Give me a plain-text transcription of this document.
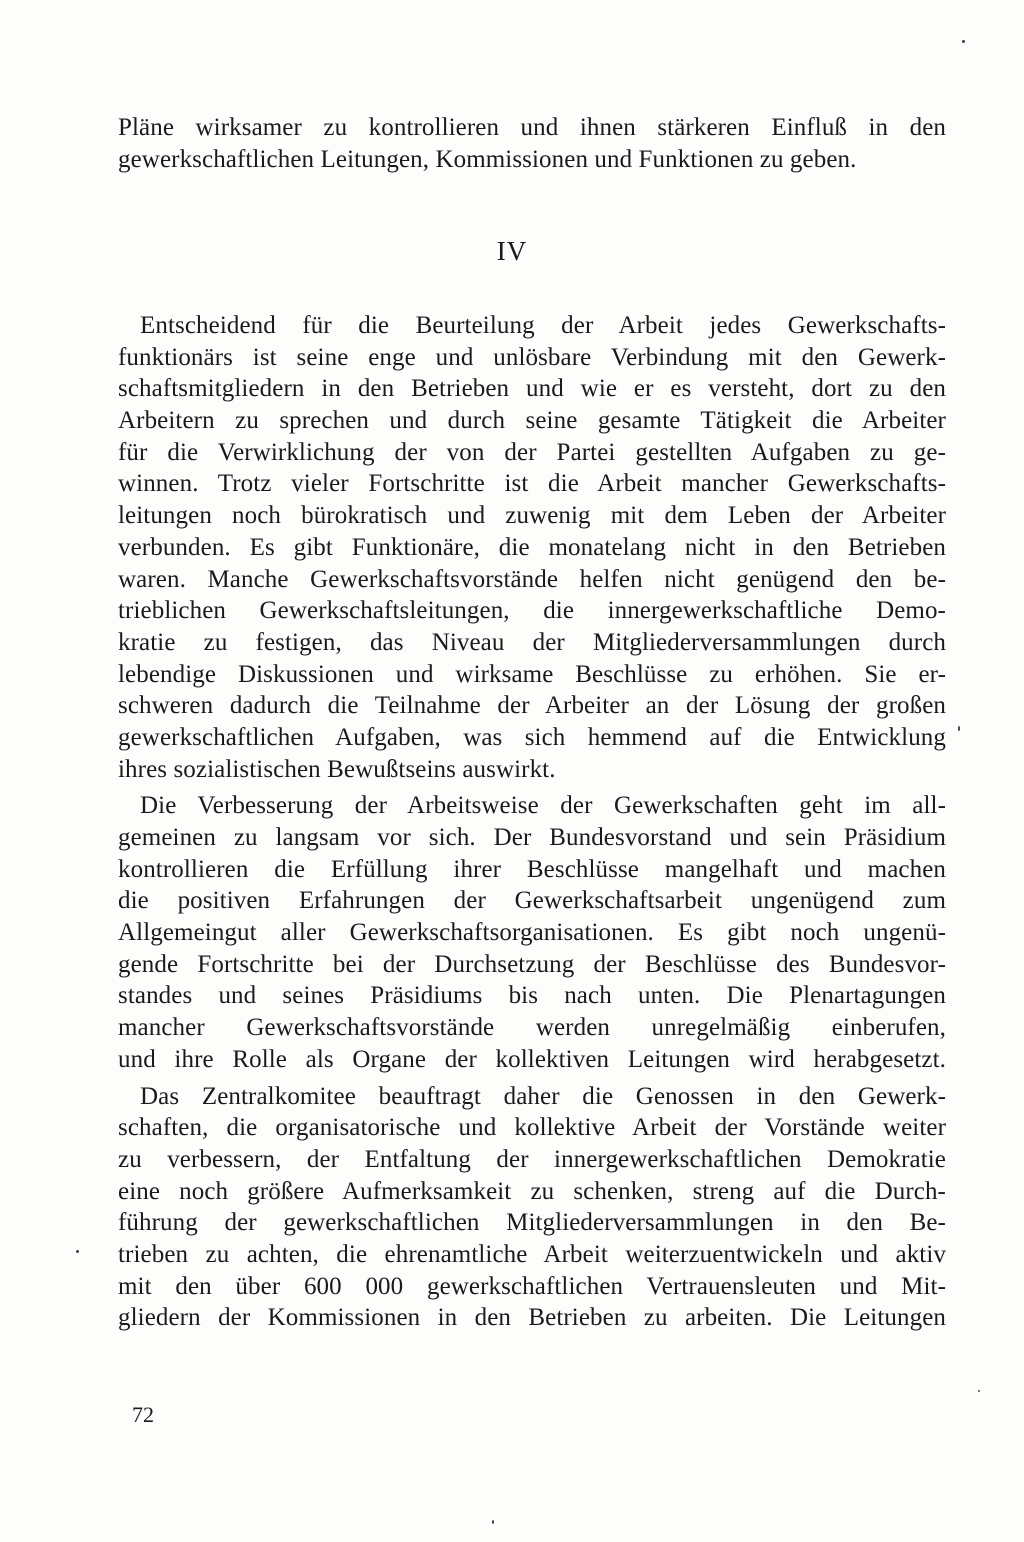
Pläne wirksamer zu kontrollieren und ihnen stärkeren Einfluß in den
gewerkschaftlichen Leitungen, Kommissionen und Funktionen zu geben.
IV
Entscheidend für die Beurteilung der Arbeit jedes Gewerkschafts-
funktionärs ist seine enge und unlösbare Verbindung mit den Gewerk-
schaftsmitgliedern in den Betrieben und wie er es versteht, dort zu den
Arbeitern zu sprechen und durch seine gesamte Tätigkeit die Arbeiter
für die Verwirklichung der von der Partei gestellten Aufgaben zu ge-
winnen. Trotz vieler Fortschritte ist die Arbeit mancher Gewerkschafts-
leitungen noch bürokratisch und zuwenig mit dem Leben der Arbeiter
verbunden. Es gibt Funktionäre, die monatelang nicht in den Betrieben
waren. Manche Gewerkschaftsvorstände helfen nicht genügend den be-
trieblichen Gewerkschaftsleitungen, die innergewerkschaftliche Demo-
kratie zu festigen, das Niveau der Mitgliederversammlungen durch
lebendige Diskussionen und wirksame Beschlüsse zu erhöhen. Sie er-
schweren dadurch die Teilnahme der Arbeiter an der Lösung der großen
gewerkschaftlichen Aufgaben, was sich hemmend auf die Entwicklung
ihres sozialistischen Bewußtseins auswirkt.
Die Verbesserung der Arbeitsweise der Gewerkschaften geht im all-
gemeinen zu langsam vor sich. Der Bundesvorstand und sein Präsidium
kontrollieren die Erfüllung ihrer Beschlüsse mangelhaft und machen
die positiven Erfahrungen der Gewerkschaftsarbeit ungenügend zum
Allgemeingut aller Gewerkschaftsorganisationen. Es gibt noch ungenü-
gende Fortschritte bei der Durchsetzung der Beschlüsse des Bundesvor-
standes und seines Präsidiums bis nach unten. Die Plenartagungen
mancher Gewerkschaftsvorstände werden unregelmäßig einberufen,
und ihre Rolle als Organe der kollektiven Leitungen wird herabgesetzt.
Das Zentralkomitee beauftragt daher die Genossen in den Gewerk-
schaften, die organisatorische und kollektive Arbeit der Vorstände weiter
zu verbessern, der Entfaltung der innergewerkschaftlichen Demokratie
eine noch größere Aufmerksamkeit zu schenken, streng auf die Durch-
führung der gewerkschaftlichen Mitgliederversammlungen in den Be-
trieben zu achten, die ehrenamtliche Arbeit weiterzuentwickeln und aktiv
mit den über 600 000 gewerkschaftlichen Vertrauensleuten und Mit-
gliedern der Kommissionen in den Betrieben zu arbeiten. Die Leitungen
72
